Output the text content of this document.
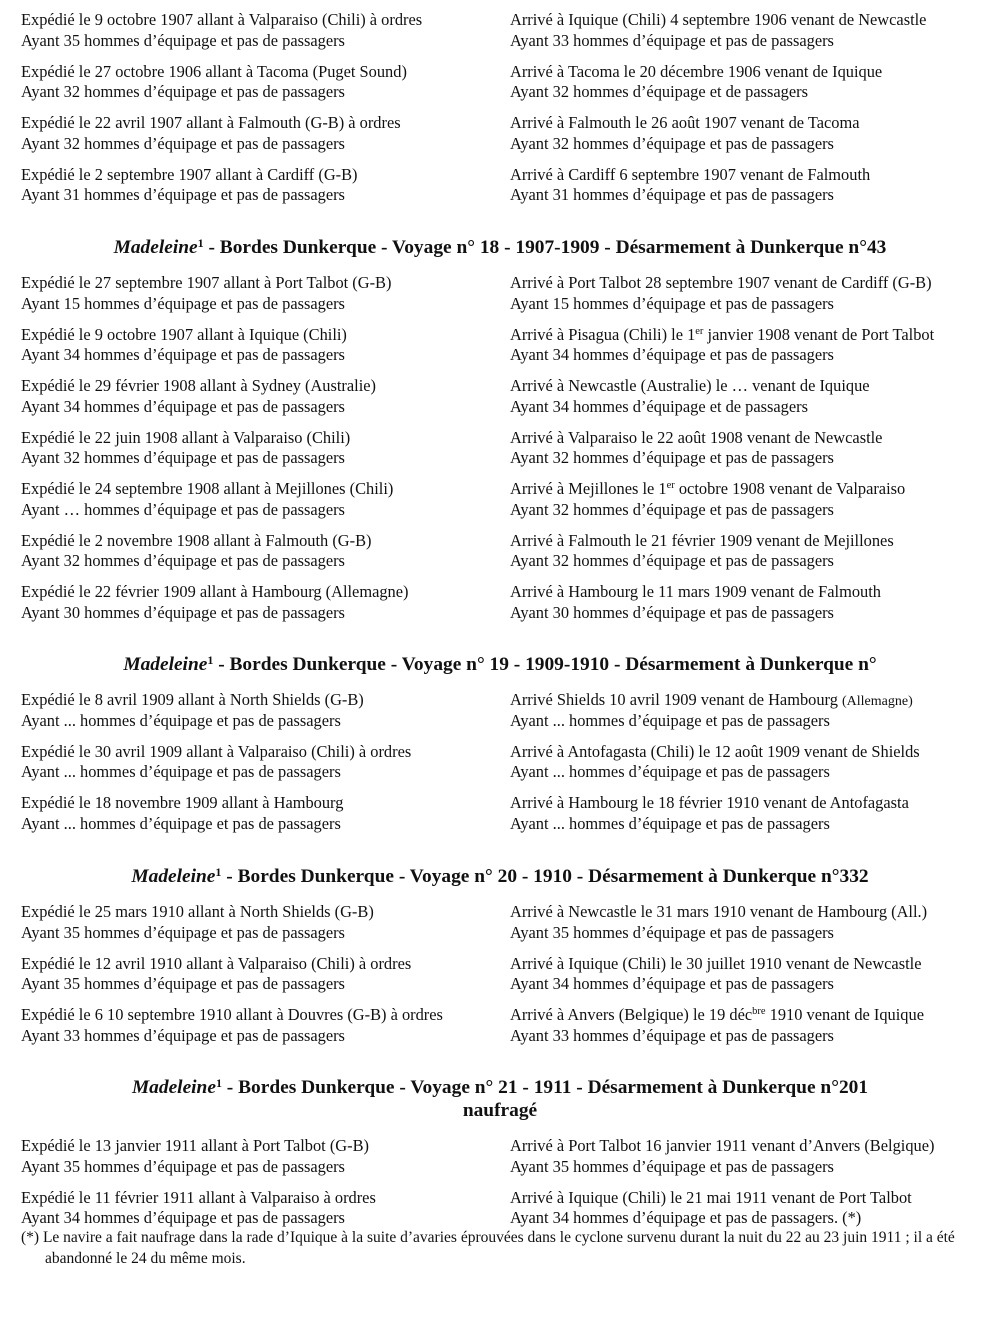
Expédié le 9 octobre 1907 allant à Valparaiso (Chili) à ordres
Ayant 35 hommes d’équipage et pas de passagers
Arrivé à Iquique (Chili) 4 septembre 1906 venant de Newcastle
Ayant 33 hommes d’équipage et pas de passagers
Expédié le 27 octobre 1906 allant à Tacoma (Puget Sound)
Ayant 32 hommes d’équipage et pas de passagers
Arrivé à Tacoma le 20 décembre 1906 venant de Iquique
Ayant 32 hommes d’équipage et de passagers
Expédié le 22 avril 1907 allant à Falmouth (G-B) à ordres
Ayant 32 hommes d’équipage et pas de passagers
Arrivé à Falmouth le 26 août 1907 venant de Tacoma
Ayant 32 hommes d’équipage et pas de passagers
Expédié le 2 septembre 1907 allant à Cardiff (G-B)
Ayant 31 hommes d’équipage et pas de passagers
Arrivé à Cardiff 6 septembre 1907 venant de Falmouth
Ayant 31 hommes d’équipage et pas de passagers
Madeleine$^1$ - Bordes Dunkerque - Voyage n° 18 - 1907-1909 - Désarmement à Dunkerque n°43
Expédié le 27 septembre 1907 allant à Port Talbot (G-B)
Ayant 15 hommes d’équipage et pas de passagers
Arrivé à Port Talbot 28 septembre 1907 venant de Cardiff (G-B)
Ayant 15 hommes d’équipage et pas de passagers
Expédié le 9 octobre 1907 allant à Iquique (Chili)
Ayant 34 hommes d’équipage et pas de passagers
Arrivé à Pisagua (Chili) le 1er janvier 1908 venant de Port Talbot
Ayant 34 hommes d’équipage et pas de passagers
Expédié le 29 février 1908 allant à Sydney (Australie)
Ayant 34 hommes d’équipage et pas de passagers
Arrivé à Newcastle (Australie) le … venant de Iquique
Ayant 34 hommes d’équipage et de passagers
Expédié le 22 juin 1908 allant à Valparaiso (Chili)
Ayant 32 hommes d’équipage et pas de passagers
Arrivé à Valparaiso le 22 août 1908 venant de Newcastle
Ayant 32 hommes d’équipage et pas de passagers
Expédié le 24 septembre 1908 allant à Mejillones (Chili)
Ayant … hommes d’équipage et pas de passagers
Arrivé à Mejillones le 1er octobre 1908 venant de Valparaiso
Ayant 32 hommes d’équipage et pas de passagers
Expédié le 2 novembre 1908 allant à Falmouth (G-B)
Ayant 32 hommes d’équipage et pas de passagers
Arrivé à Falmouth le 21 février 1909 venant de Mejillones
Ayant 32 hommes d’équipage et pas de passagers
Expédié le 22 février 1909 allant à Hambourg (Allemagne)
Ayant 30 hommes d’équipage et pas de passagers
Arrivé à Hambourg le 11 mars 1909 venant de Falmouth
Ayant 30 hommes d’équipage et pas de passagers
Madeleine$^1$ - Bordes Dunkerque - Voyage n° 19 - 1909-1910 - Désarmement à Dunkerque n°
Expédié le 8 avril 1909 allant à North Shields (G-B)
Ayant ... hommes d’équipage et pas de passagers
Arrivé Shields 10 avril 1909 venant de Hambourg (Allemagne)
Ayant ... hommes d’équipage et pas de passagers
Expédié le 30 avril 1909 allant à Valparaiso (Chili) à ordres
Ayant ... hommes d’équipage et pas de passagers
Arrivé à Antofagasta (Chili) le 12 août 1909 venant de Shields
Ayant ... hommes d’équipage et pas de passagers
Expédié le 18 novembre 1909 allant à Hambourg
Ayant ... hommes d’équipage et pas de passagers
Arrivé à Hambourg le 18 février 1910 venant de Antofagasta
Ayant ... hommes d’équipage et pas de passagers
Madeleine$^1$ - Bordes Dunkerque - Voyage n° 20 - 1910 - Désarmement à Dunkerque n°332
Expédié le 25 mars 1910 allant à North Shields (G-B)
Ayant 35 hommes d’équipage et pas de passagers
Arrivé à Newcastle le 31 mars 1910 venant de Hambourg (All.)
Ayant 35 hommes d’équipage et pas de passagers
Expédié le 12 avril 1910 allant à Valparaiso (Chili) à ordres
Ayant 35 hommes d’équipage et pas de passagers
Arrivé à Iquique (Chili) le 30 juillet 1910 venant de Newcastle
Ayant 34 hommes d’équipage et pas de passagers
Expédié le 6 10 septembre 1910 allant à Douvres (G-B) à ordres
Ayant 33 hommes d’équipage et pas de passagers
Arrivé à Anvers (Belgique) le 19 déc$^{bre}$ 1910 venant de Iquique
Ayant 33 hommes d’équipage et pas de passagers
Madeleine$^1$ - Bordes Dunkerque - Voyage n° 21 - 1911 - Désarmement à Dunkerque n°201
naufragé
Expédié le 13 janvier 1911 allant à Port Talbot (G-B)
Ayant 35 hommes d’équipage et pas de passagers
Arrivé à Port Talbot 16 janvier 1911 venant d’Anvers (Belgique)
Ayant 35 hommes d’équipage et pas de passagers
Expédié le 11 février 1911 allant à Valparaiso à ordres
Ayant 34 hommes d’équipage et pas de passagers
Arrivé à Iquique (Chili) le 21 mai 1911 venant de Port Talbot
Ayant 34 hommes d’équipage et pas de passagers. (*)

(*) Le navire a fait naufrage dans la rade d’Iquique à la suite d’avaries éprouvées dans le cyclone survenu durant la nuit du 22 au 23 juin 1911 ; il a été abandonné le 24 du même mois.
